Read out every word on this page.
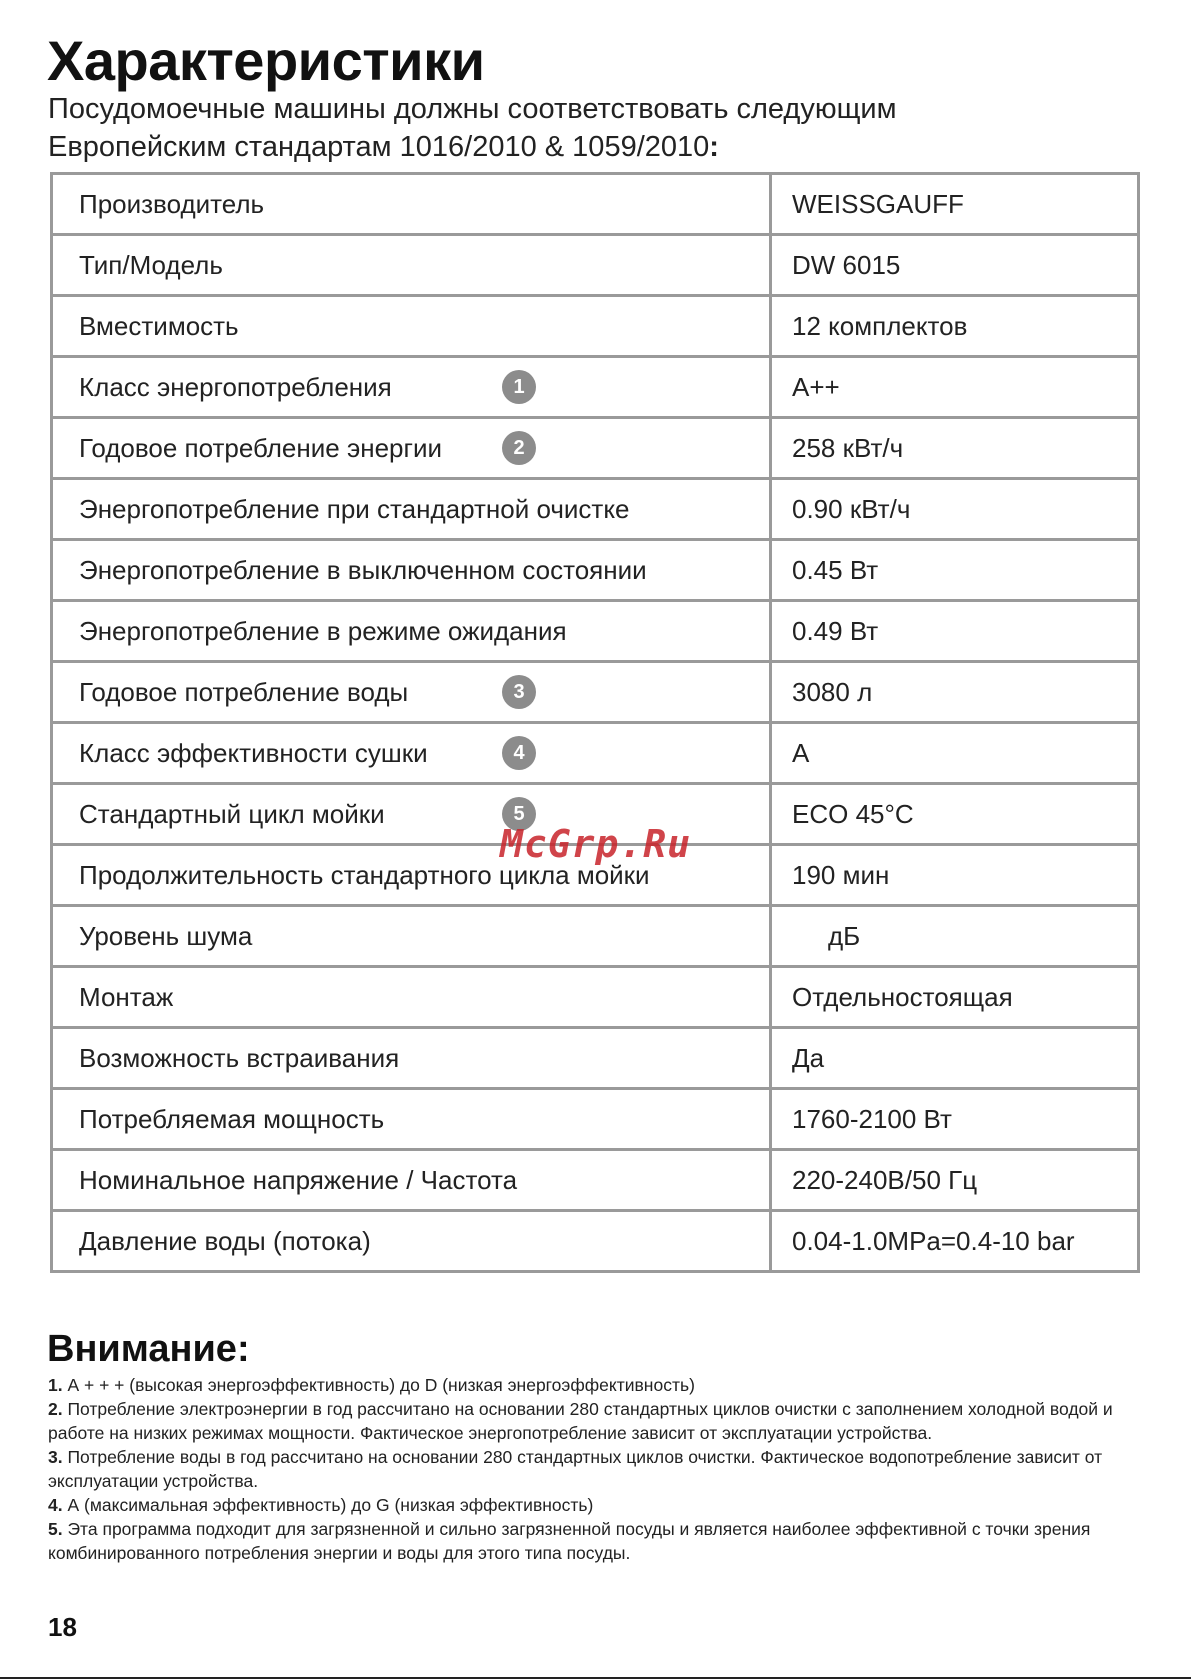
Характеристики

Посудомоечные машины должны соответствовать следующим
Европейским стандартам 1016/2010 & 1059/2010:

Производитель	WEISSGAUFF
Тип/Модель	DW 6015
Вместимость	12 комплектов
Класс энергопотребления 1	A++
Годовое потребление энергии 2	258 кВт/ч
Энергопотребление при стандартной очистке	0.90 кВт/ч
Энергопотребление в выключенном состоянии	0.45 Вт
Энергопотребление в режиме ожидания	0.49 Вт
Годовое потребление воды 3	3080 л
Класс эффективности сушки 4	A
Стандартный цикл мойки 5	ECO 45°C
Продолжительность стандартного цикла мойки	190 мин
Уровень шума	дБ
Монтаж	Отдельностоящая
Возможность встраивания	Да
Потребляемая мощность	1760-2100 Вт
Номинальное напряжение / Частота	220-240В/50 Гц
Давление воды (потока)	0.04-1.0MPa=0.4-10 bar
McGrp.Ru
Внимание:

1. А + + + (высокая энергоэффективность) до D (низкая энергоэффективность)

2. Потребление электроэнергии в год рассчитано на основании 280 стандартных циклов очистки с заполнением холодной водой и работе на низких режимах мощности. Фактическое энергопотребление зависит от эксплуатации устройства.

3. Потребление воды в год рассчитано на основании 280 стандартных циклов очистки. Фактическое водопотребление зависит от эксплуатации устройства.

4. А (максимальная эффективность) до G (низкая эффективность)

5. Эта программа подходит для загрязненной и сильно загрязненной посуды и является наиболее эффективной с точки зрения комбинированного потребления энергии и воды для этого типа посуды.

18
